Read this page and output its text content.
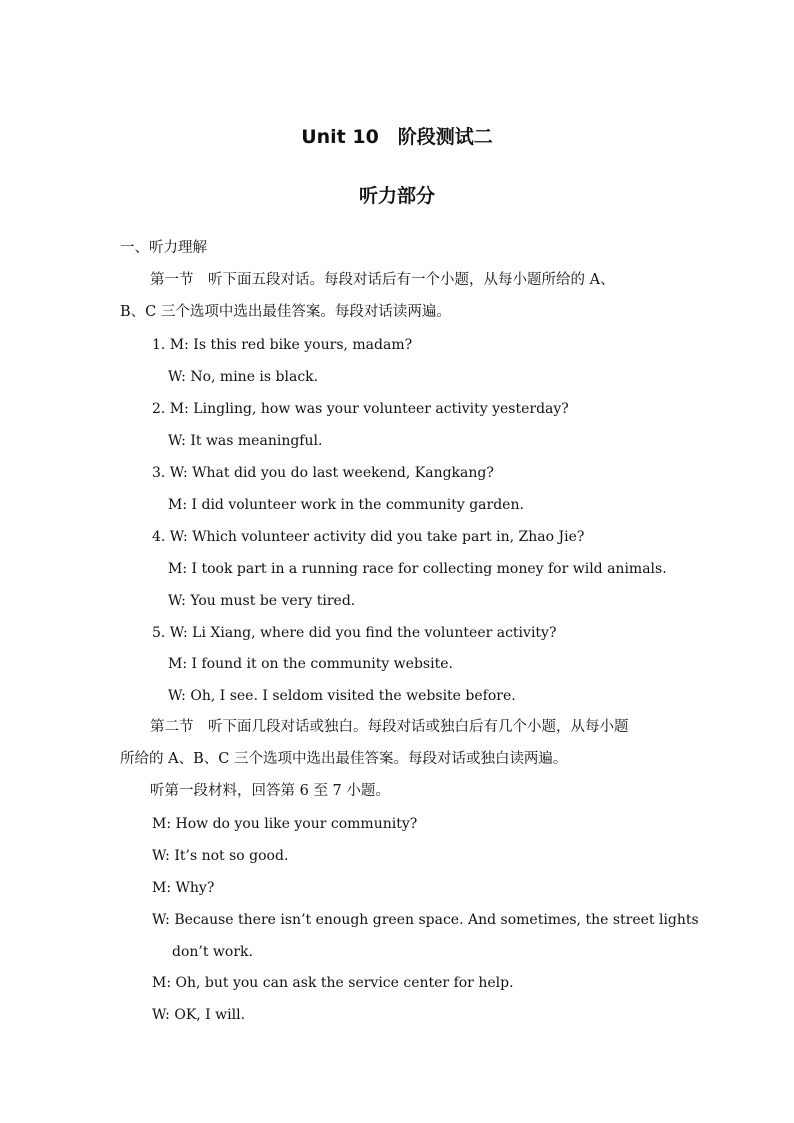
Unit 10　阶段测试二
听力部分
一、听力理解
第一节　听下面五段对话。每段对话后有一个小题，从每小题所给的 A、
B、C 三个选项中选出最佳答案。每段对话读两遍。
1. M: Is this red bike yours, madam?
W: No, mine is black.
2. M: Lingling, how was your volunteer activity yesterday?
W: It was meaningful.
3. W: What did you do last weekend, Kangkang?
M: I did volunteer work in the community garden.
4. W: Which volunteer activity did you take part in, Zhao Jie?
M: I took part in a running race for collecting money for wild animals.
W: You must be very tired.
5. W: Li Xiang, where did you find the volunteer activity?
M: I found it on the community website.
W: Oh, I see. I seldom visited the website before.
第二节　听下面几段对话或独白。每段对话或独白后有几个小题，从每小题
所给的 A、B、C 三个选项中选出最佳答案。每段对话或独白读两遍。
听第一段材料，回答第 6 至 7 小题。
M: How do you like your community?
W: It’s not so good.
M: Why?
W: Because there isn’t enough green space. And sometimes, the street lights
don’t work.
M: Oh, but you can ask the service center for help.
W: OK, I will.
